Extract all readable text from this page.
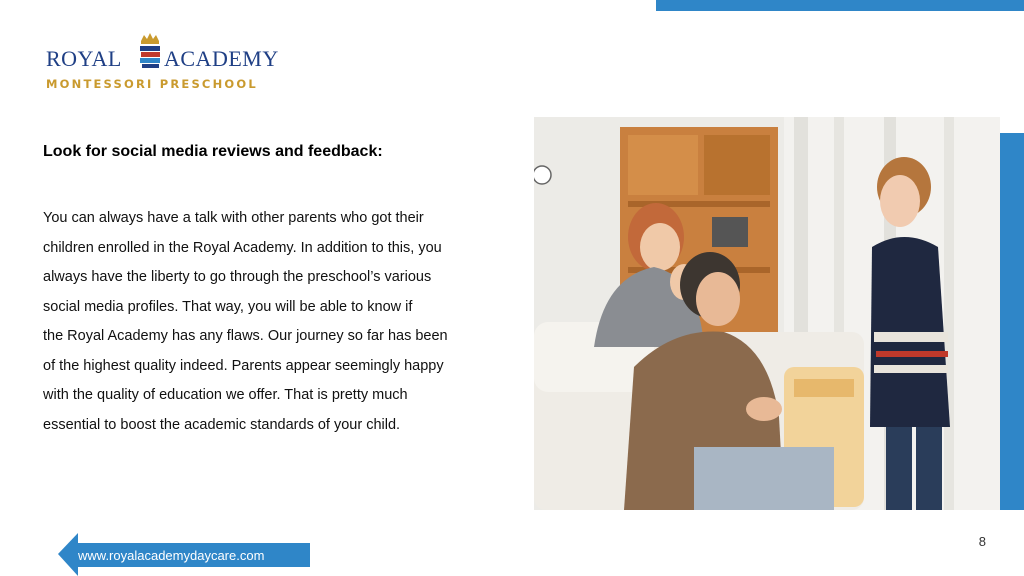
ROYAL ACADEMY
MONTESSORI PRESCHOOL
Look for social media reviews and feedback:
You can always have a talk with other parents who got their
children enrolled in the Royal Academy. In addition to this, you
always have the liberty to go through the preschool’s various
social media profiles. That way, you will be able to know if
the Royal Academy has any flaws. Our journey so far has been
of the highest quality indeed. Parents appear seemingly happy
with the quality of education we offer. That is pretty much
essential to boost the academic standards of your child.
8
www.royalacademydaycare.com
